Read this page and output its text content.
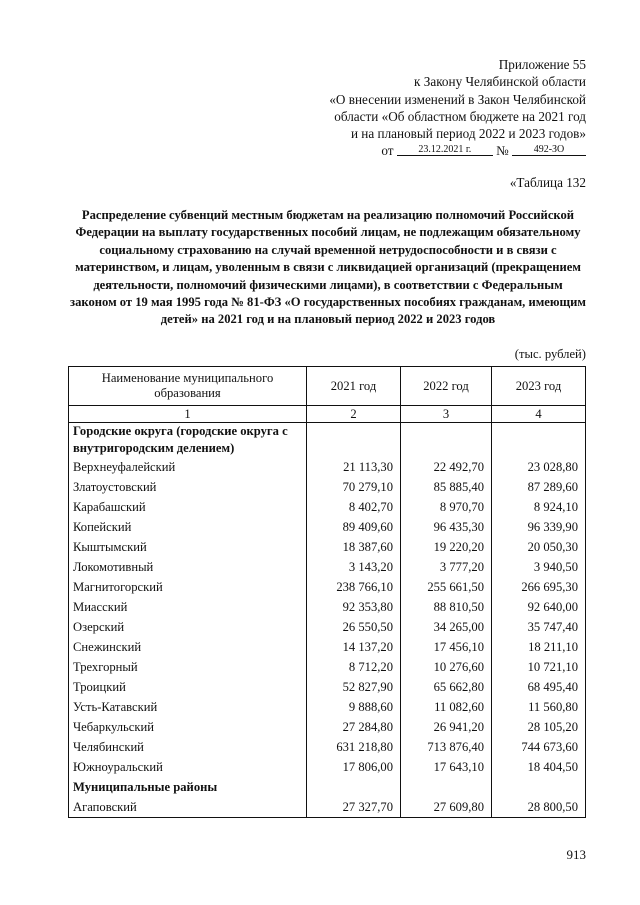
Приложение 55
к Закону Челябинской области
«О внесении изменений в Закон Челябинской
области «Об областном бюджете на 2021 год
и на плановый период 2022 и 2023 годов»
от 23.12.2021 г. №	492-ЗО
«Таблица 132
Распределение субвенций местным бюджетам на реализацию полномочий Российской Федерации на выплату государственных пособий лицам, не подлежащим обязательному социальному страхованию на случай временной нетрудоспособности и в связи с материнством, и лицам, уволенным в связи с ликвидацией организаций (прекращением деятельности, полномочий физическими лицами), в соответствии с Федеральным законом от 19 мая 1995 года № 81-ФЗ «О государственных пособиях гражданам, имеющим детей» на 2021 год и на плановый период 2022 и 2023 годов
(тыс. рублей)
Наименование муниципального образования	2021 год	2022 год	2023 год
1	2	3	4
Городские округа (городские округа с внутригородским делением)			
Верхнеуфалейский	21 113,30	22 492,70	23 028,80
Златоустовский	70 279,10	85 885,40	87 289,60
Карабашский	8 402,70	8 970,70	8 924,10
Копейский	89 409,60	96 435,30	96 339,90
Кыштымский	18 387,60	19 220,20	20 050,30
Локомотивный	3 143,20	3 777,20	3 940,50
Магнитогорский	238 766,10	255 661,50	266 695,30
Миасский	92 353,80	88 810,50	92 640,00
Озерский	26 550,50	34 265,00	35 747,40
Снежинский	14 137,20	17 456,10	18 211,10
Трехгорный	8 712,20	10 276,60	10 721,10
Троицкий	52 827,90	65 662,80	68 495,40
Усть-Катавский	9 888,60	11 082,60	11 560,80
Чебаркульский	27 284,80	26 941,20	28 105,20
Челябинский	631 218,80	713 876,40	744 673,60
Южноуральский	17 806,00	17 643,10	18 404,50
Муниципальные районы			
Агаповский	27 327,70	27 609,80	28 800,50
913
